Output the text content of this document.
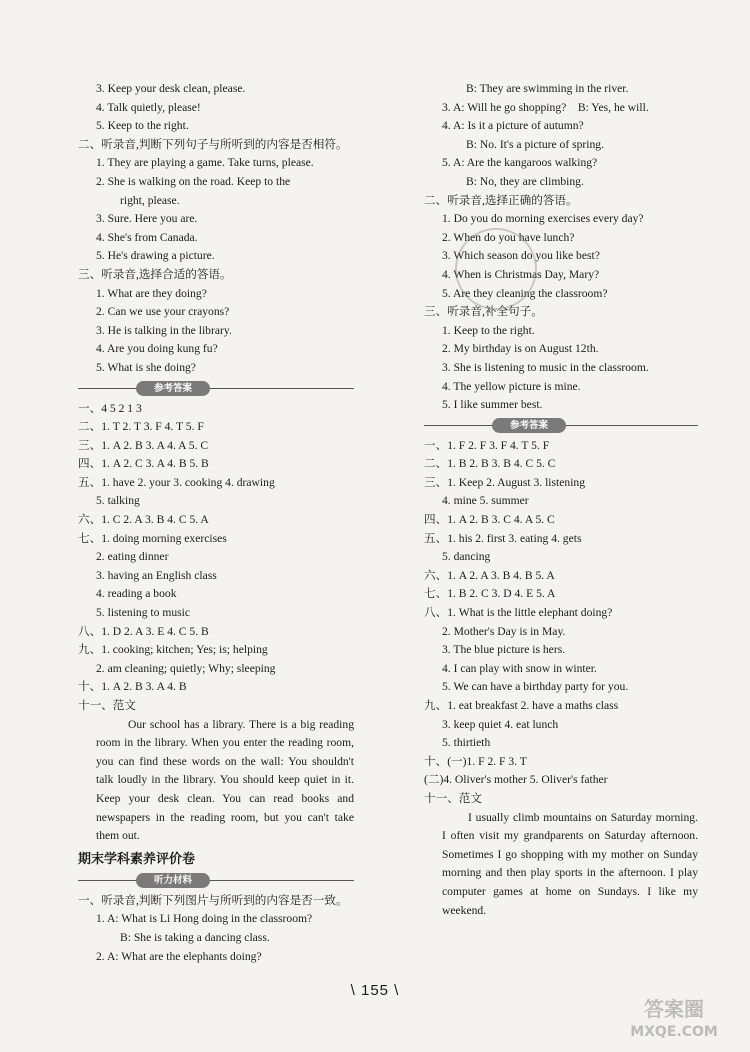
3. Keep your desk clean, please.
4. Talk quietly, please!
5. Keep to the right.
二、听录音,判断下列句子与所听到的内容是否相符。
1. They are playing a game. Take turns, please.
2. She is walking on the road. Keep to the
right, please.
3. Sure. Here you are.
4. She's from Canada.
5. He's drawing a picture.
三、听录音,选择合适的答语。
1. What are they doing?
2. Can we use your crayons?
3. He is talking in the library.
4. Are you doing kung fu?
5. What is she doing?
参考答案
一、4 5 2 1 3
二、1. T 2. T 3. F 4. T 5. F
三、1. A 2. B 3. A 4. A 5. C
四、1. A 2. C 3. A 4. B 5. B
五、1. have 2. your 3. cooking 4. drawing
5. talking
六、1. C 2. A 3. B 4. C 5. A
七、1. doing morning exercises
2. eating dinner
3. having an English class
4. reading a book
5. listening to music
八、1. D 2. A 3. E 4. C 5. B
九、1. cooking; kitchen; Yes; is; helping
2. am cleaning; quietly; Why; sleeping
十、1. A 2. B 3. A 4. B
十一、范文
Our school has a library. There is a big reading room in the library. When you enter the reading room, you can find these words on the wall: You shouldn't talk loudly in the library. You should keep quiet in it. Keep your desk clean. You can read books and newspapers in the reading room, but you can't take them out.
期末学科素养评价卷
听力材料
一、听录音,判断下列图片与所听到的内容是否一致。
1. A: What is Li Hong doing in the classroom?
B: She is taking a dancing class.
2. A: What are the elephants doing?
B: They are swimming in the river.
3. A: Will he go shopping?    B: Yes, he will.
4. A: Is it a picture of autumn?
B: No. It's a picture of spring.
5. A: Are the kangaroos walking?
B: No, they are climbing.
二、听录音,选择正确的答语。
1. Do you do morning exercises every day?
2. When do you have lunch?
3. Which season do you like best?
4. When is Christmas Day, Mary?
5. Are they cleaning the classroom?
三、听录音,补全句子。
1. Keep to the right.
2. My birthday is on August 12th.
3. She is listening to music in the classroom.
4. The yellow picture is mine.
5. I like summer best.
参考答案
一、1. F 2. F 3. F 4. T 5. F
二、1. B 2. B 3. B 4. C 5. C
三、1. Keep 2. August 3. listening
4. mine 5. summer
四、1. A 2. B 3. C 4. A 5. C
五、1. his 2. first 3. eating 4. gets
5. dancing
六、1. A 2. A 3. B 4. B 5. A
七、1. B 2. C 3. D 4. E 5. A
八、1. What is the little elephant doing?
2. Mother's Day is in May.
3. The blue picture is hers.
4. I can play with snow in winter.
5. We can have a birthday party for you.
九、1. eat breakfast 2. have a maths class
3. keep quiet 4. eat lunch
5. thirtieth
十、(一)1. F 2. F 3. T
(二)4. Oliver's mother 5. Oliver's father
十一、范文
I usually climb mountains on Saturday morning. I often visit my grandparents on Saturday afternoon. Sometimes I go shopping with my mother on Sunday morning and then play sports in the afternoon. I play computer games at home on Sundays. I like my weekend.
\ 155 \
答案圈
MXQE.COM
